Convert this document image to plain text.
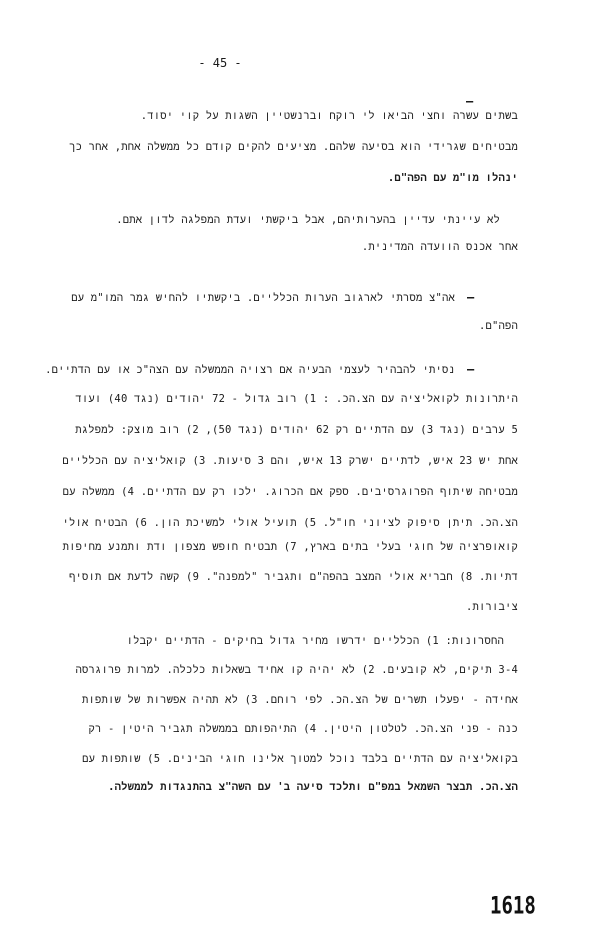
- 45 -
–
בשתים עשרה וחצי הביאו לי רוקח וברנשטיין השגות על קוי יסוד.
מבטיחים שגרידי הוא בסיעה שלהם. מציעים להקים קודם כל ממשלה אחת, אחר כך
ינהלו מו"מ עם הפה"ם.
לא עיינתי עדיין בהערותיהם, אבל ביקשתי ועדת המפלגה לדון אתם.
אחר אכנס הוועדה המדינית.
–
אה"צ מסרתי לארגוב הערות הכלליים. ביקשתיו להחיש גמר המו"מ עם
הפה"ם.
–
נסיתי להבהיר לעצמי הבעיה אם רצויה הממשלה עם הצה"כ או עם הדתיים.
היתרונות לקואליציה עם הצ.הכ. : 1) רוב גדול - 72 יהודים (נגד 40) ועוד
5 ערבים (נגד 3) עם הדתיים רק 62 יהודים (נגד 50), 2) רוב מוצק: למפלגת
אחת יש 23 איש, לדתיים ישרק 13 איש, והם 3 סיעות. 3) קואליציה עם הכלליים
מבטיחה שיתוף הפרוגרסיבים. ספק אם הכרוג. ילכו רק עם הדתיים. 4) ממשלה עם
הצ.הכ. תיתן סיפוק לציוני חו"ל. 5) תועיל אולי למשיכת הון. 6) הבטיח אולי
קואופרציה של חוגי בעלי בתים בארץ, 7) תבטיח חופש מצפון ודת ותמנע מחיפות
דתיות. 8) חבריא אולי המצב בהפה"ם ותגביר "למפנה". 9) קשה לדעת אם תוסיף
ציבורות.
החסרונות: 1) הכלליים ידרשו מחיר גדול בחיקים - הדתיים יקבלו
3-4 תיקים, לא קובעים. 2) לא יהיה קו אחיד בשאלות כלכלה. למרות פרוגרסה
אחידה - יפעלו תשרים של הצ.הכ. לפי רוחם. 3) לא תהיה אפשרות של שותפות
כנה - פני הצ.הכ. לטלטון היטין. 4) התיהפותם בממשלה תגביר היטין - רק
בקואליציה עם הדתיים בלבד נוכל למטוך אלינו חוגי הבינים. 5) שותפות עם
הצ.הכ. תבצר השמאל במפ"ם ותלכד סיעה ב' עם השה"צ בהתנגדות לממשלה.
1618
